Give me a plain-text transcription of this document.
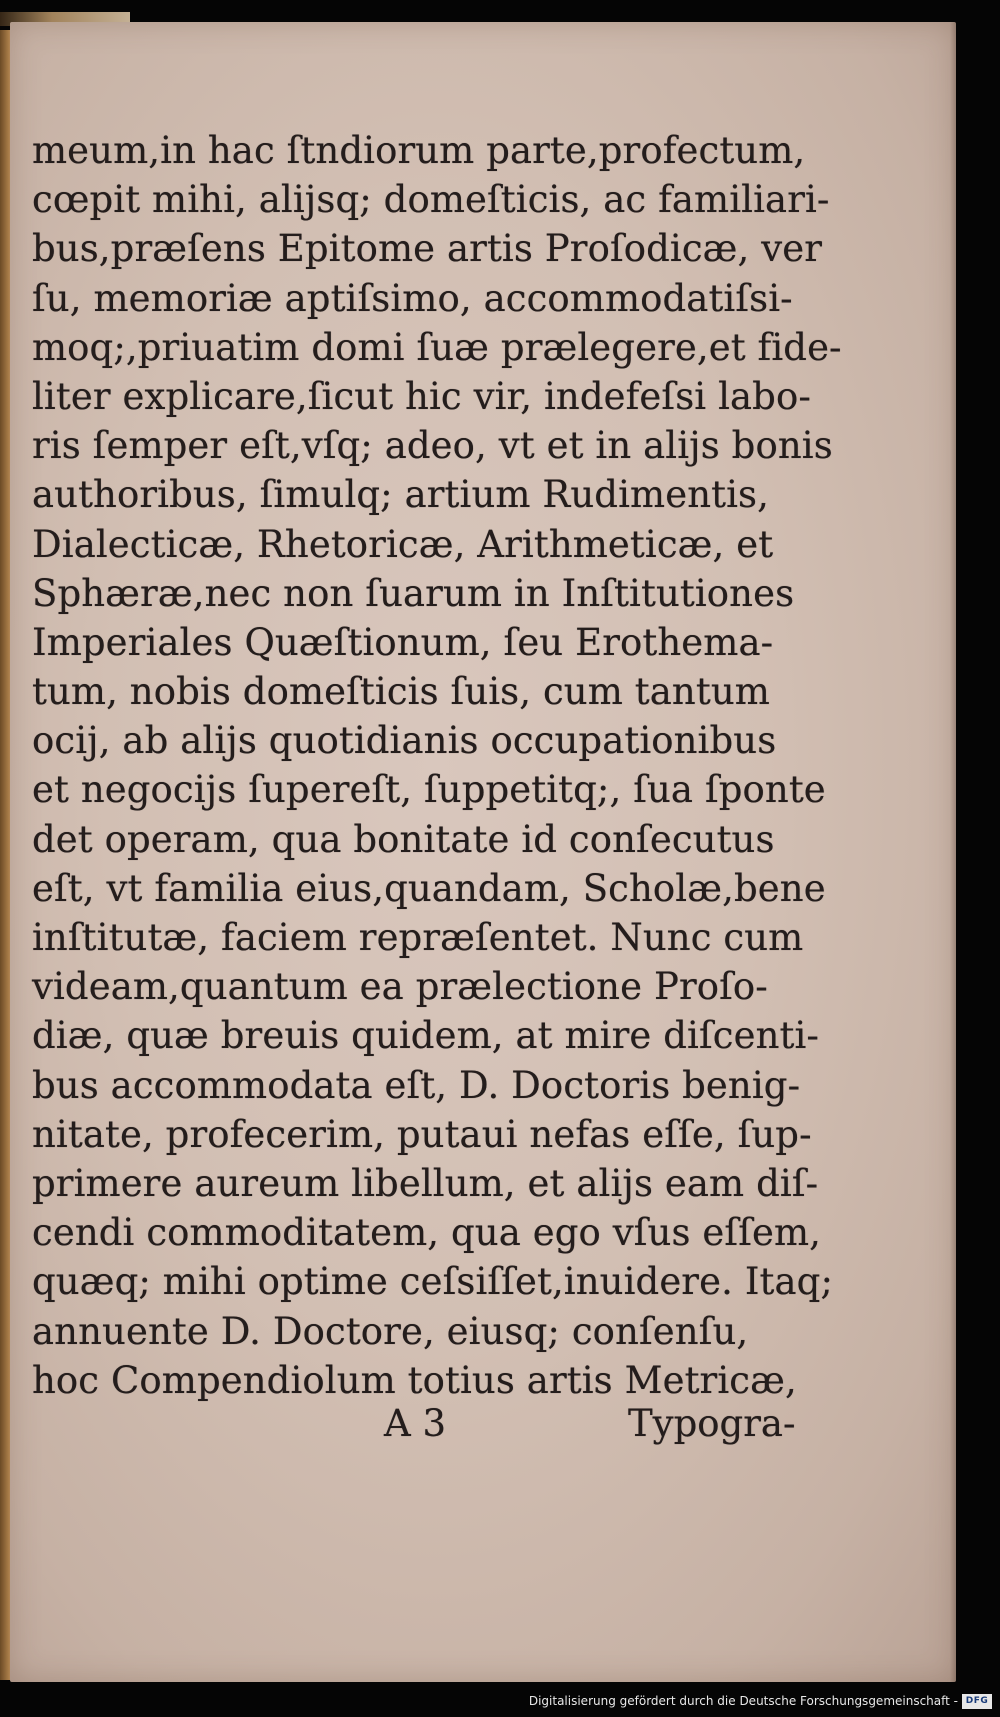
meum,in hac ſtndiorum parte,profectum,
cœpit mihi, aliјsq; domeſticis, ac familiari-
bus,præſens Epitome artis Proſodicæ, ver
ſu, memoriæ aptiſsimo, accommodatiſsi-
moq;,priuatim domi ſuæ prælegere,et fide-
liter explicare,ſicut hic vir, indefeſsi labo-
ris ſemper eſt,vſq; adeo, vt et in aliјs bonis
authoribus, ſimulq; artium Rudimentis,
Dialecticæ, Rhetoricæ, Arithmeticæ, et
Sphæræ,nec non ſuarum in Inſtitutiones
Imperiales Quæſtionum, ſeu Erothema-
tum, nobis domeſticis ſuis, cum tantum
ocij, ab aliјs quotidianis occupationibus
et negocijs ſupereſt, ſuppetitq;, ſua ſponte
det operam, qua bonitate id conſecutus
eſt, vt familia eius,quandam, Scholæ,bene
inſtitutæ, faciem repræſentet. Nunc cum
videam,quantum ea prælectione Proſo-
diæ, quæ breuis quidem, at mire diſcenti-
bus accommodata eſt, D. Doctoris benig-
nitate, profecerim, putaui nefas eſſe, ſup-
primere aureum libellum, et aliјs eam diſ-
cendi commoditatem, qua ego vſus eſſem,
quæq; mihi optime ceſsiſſet,inuidere. Itaq;
annuente D. Doctore, eiusq; conſenſu,
hoc Compendiolum totius artis Metricæ,
A 3	Typogra-
Digitalisierung gefördert durch die Deutsche Forschungsgemeinschaft - DFG
